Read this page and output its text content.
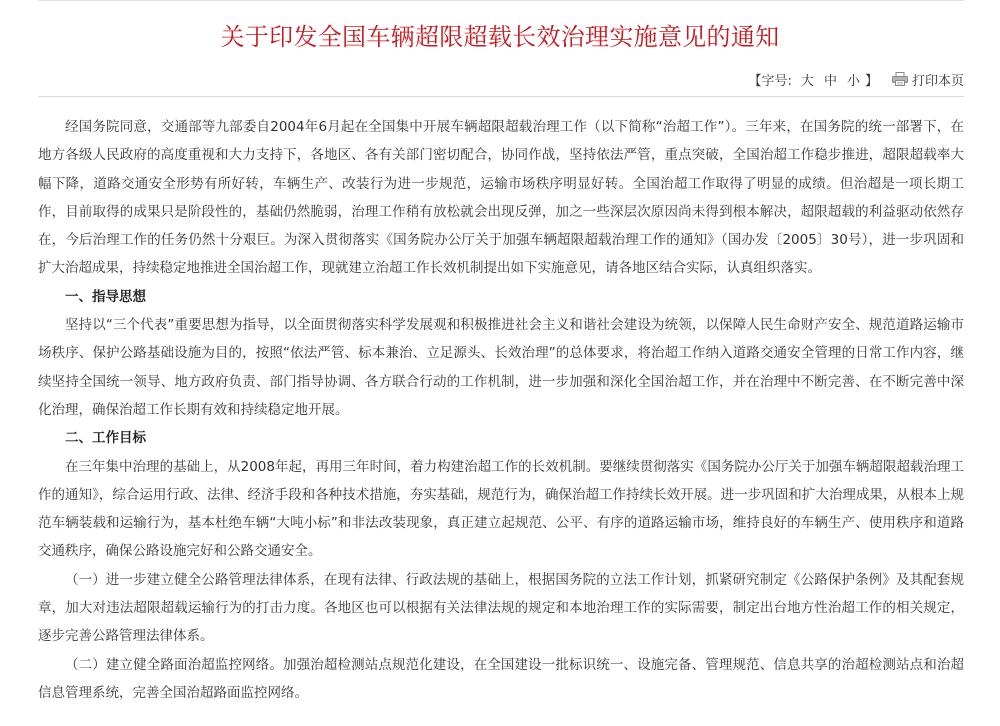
关于印发全国车辆超限超载长效治理实施意见的通知
【 字号: 大 中 小 】	打印本页

经国务院同意，交通部等九部委自2004年6月起在全国集中开展车辆超限超载治理工作（以下简称“治超工作”）。三年来，在国务院的统一部署下，在地方各级人民政府的高度重视和大力支持下，各地区、各有关部门密切配合，协同作战，坚持依法严管，重点突破，全国治超工作稳步推进，超限超载率大幅下降，道路交通安全形势有所好转，车辆生产、改装行为进一步规范，运输市场秩序明显好转。全国治超工作取得了明显的成绩。但治超是一项长期工作，目前取得的成果只是阶段性的，基础仍然脆弱，治理工作稍有放松就会出现反弹，加之一些深层次原因尚未得到根本解决，超限超载的利益驱动依然存在，今后治理工作的任务仍然十分艰巨。为深入贯彻落实《国务院办公厅关于加强车辆超限超载治理工作的通知》（国办发〔2005〕30号），进一步巩固和扩大治超成果，持续稳定地推进全国治超工作，现就建立治超工作长效机制提出如下实施意见，请各地区结合实际，认真组织落实。

一、指导思想

坚持以“三个代表”重要思想为指导，以全面贯彻落实科学发展观和积极推进社会主义和谐社会建设为统领，以保障人民生命财产安全、规范道路运输市场秩序、保护公路基础设施为目的，按照“依法严管、标本兼治、立足源头、长效治理”的总体要求，将治超工作纳入道路交通安全管理的日常工作内容，继续坚持全国统一领导、地方政府负责、部门指导协调、各方联合行动的工作机制，进一步加强和深化全国治超工作，并在治理中不断完善、在不断完善中深化治理，确保治超工作长期有效和持续稳定地开展。

二、工作目标

在三年集中治理的基础上，从2008年起，再用三年时间，着力构建治超工作的长效机制。要继续贯彻落实《国务院办公厅关于加强车辆超限超载治理工作的通知》，综合运用行政、法律、经济手段和各种技术措施，夯实基础，规范行为，确保治超工作持续长效开展。进一步巩固和扩大治理成果，从根本上规范车辆装载和运输行为，基本杜绝车辆“大吨小标”和非法改装现象，真正建立起规范、公平、有序的道路运输市场，维持良好的车辆生产、使用秩序和道路交通秩序，确保公路设施完好和公路交通安全。

（一）进一步建立健全公路管理法律体系，在现有法律、行政法规的基础上，根据国务院的立法工作计划，抓紧研究制定《公路保护条例》及其配套规章，加大对违法超限超载运输行为的打击力度。各地区也可以根据有关法律法规的规定和本地治理工作的实际需要，制定出台地方性治超工作的相关规定，逐步完善公路管理法律体系。

（二）建立健全路面治超监控网络。加强治超检测站点规范化建设，在全国建设一批标识统一、设施完备、管理规范、信息共享的治超检测站点和治超信息管理系统，完善全国治超路面监控网络。
